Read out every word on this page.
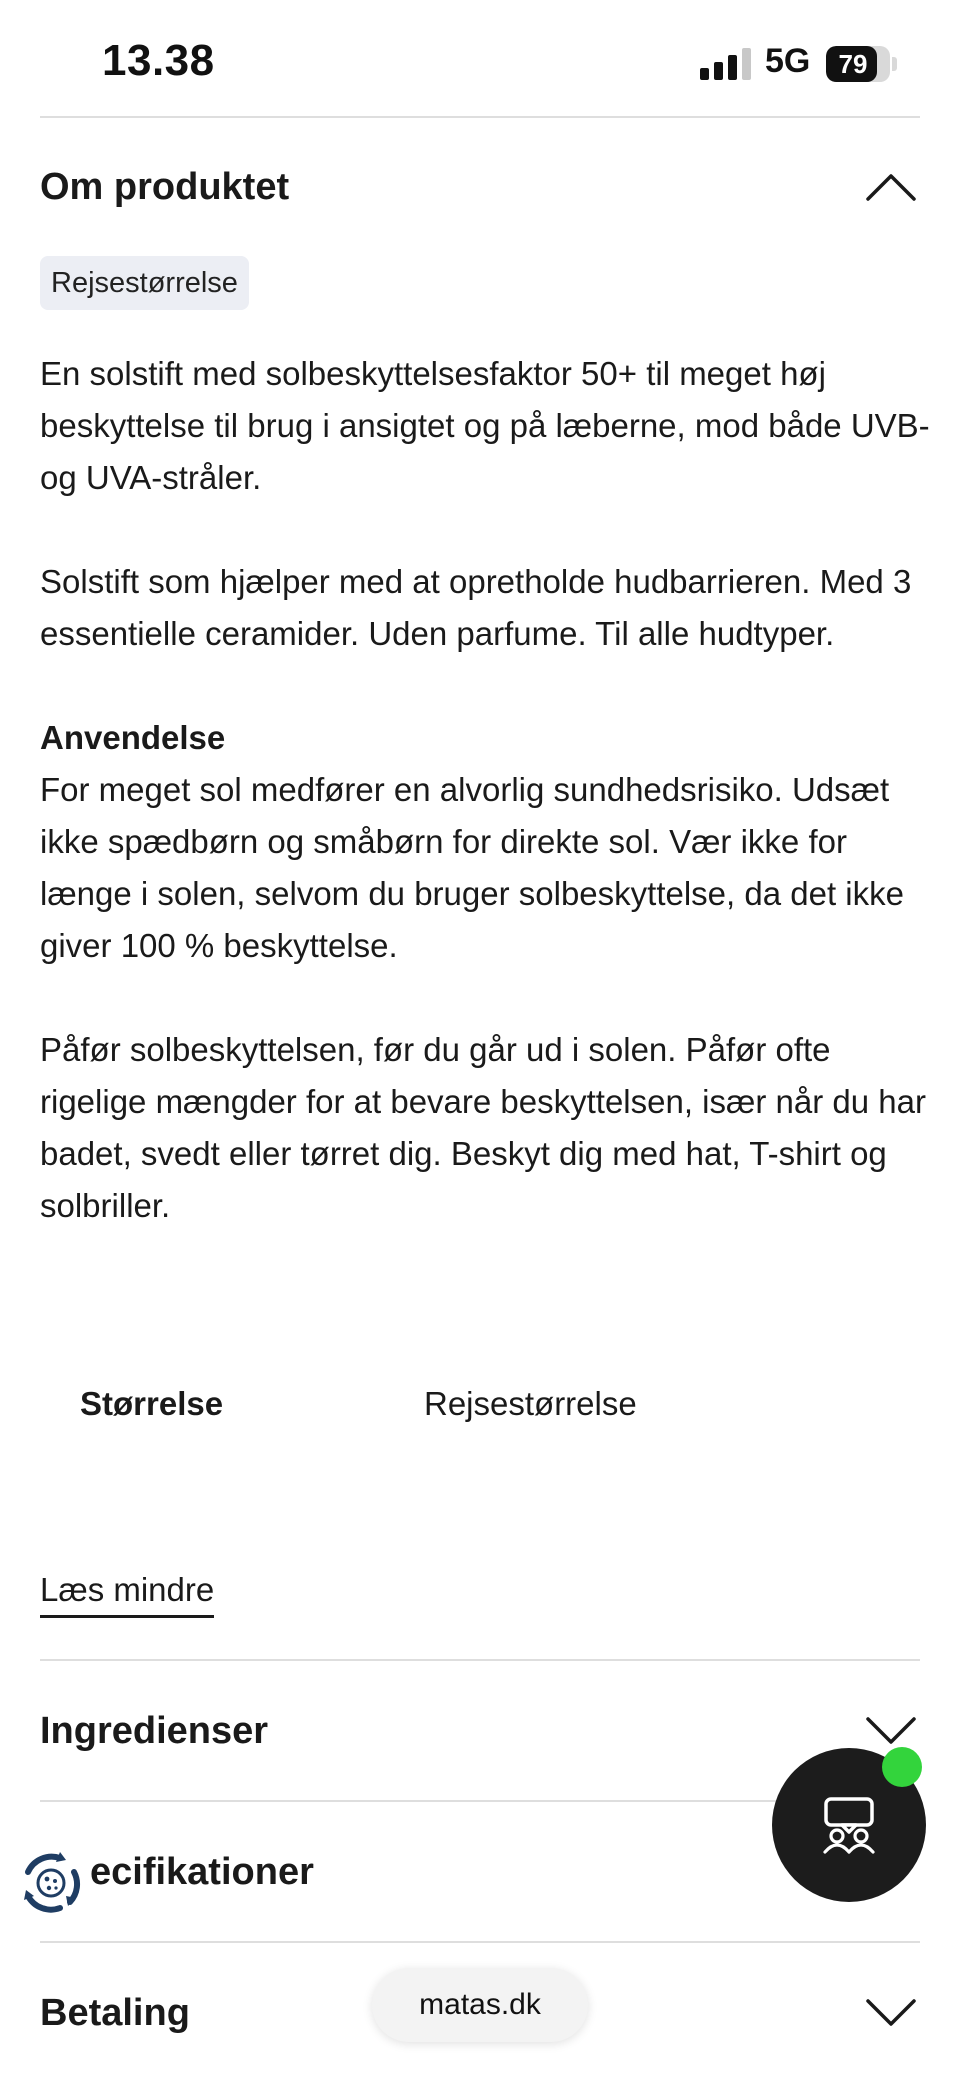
13.38	5G	79
Om produktet
Rejsestørrelse

En solstift med solbeskyttelsesfaktor 50+ til meget høj beskyttelse til brug i ansigtet og på læberne, mod både UVB- og UVA-stråler.

Solstift som hjælper med at opretholde hudbarrieren. Med 3 essentielle ceramider. Uden parfume. Til alle hudtyper.

Anvendelse

For meget sol medfører en alvorlig sundhedsrisiko. Udsæt ikke spædbørn og småbørn for direkte sol. Vær ikke for længe i solen, selvom du bruger solbeskyttelse, da det ikke giver 100 % beskyttelse.

Påfør solbeskyttelsen, før du går ud i solen. Påfør ofte rigelige mængder for at bevare beskyttelsen, især når du har badet, svedt eller tørret dig. Beskyt dig med hat, T-shirt og solbriller.

Størrelse	Rejsestørrelse
Læs mindre
Ingredienser
ecifikationer
Betaling	matas.dk
